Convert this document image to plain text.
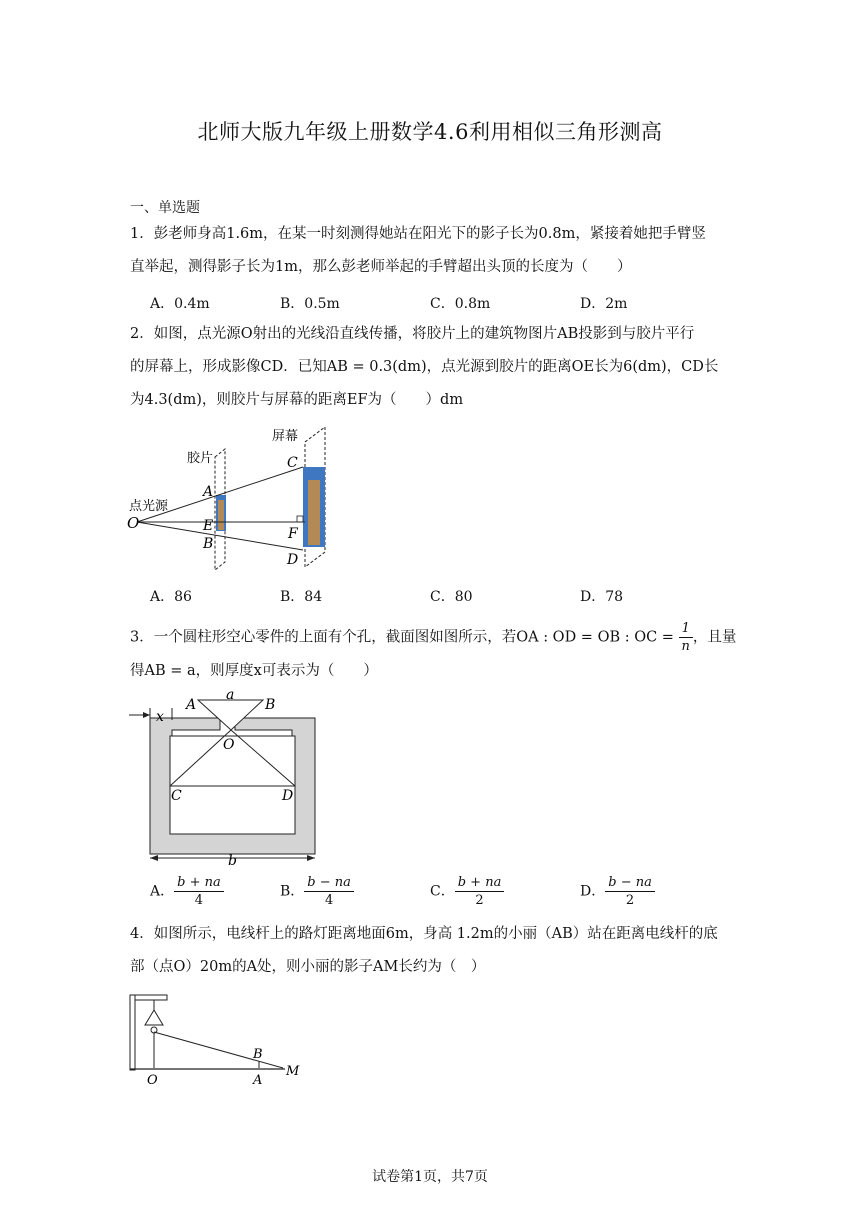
北师大版九年级上册数学4.6利用相似三角形测高
一、单选题
1．彭老师身高1.6m，在某一时刻测得她站在阳光下的影子长为0.8m，紧接着她把手臂竖
直举起，测得影子长为1m，那么彭老师举起的手臂超出头顶的长度为（　　）
A．0.4m	B．0.5m	C．0.8m	D．2m
2．如图，点光源O射出的光线沿直线传播，将胶片上的建筑物图片AB投影到与胶片平行
的屏幕上，形成影像CD．已知AB = 0.3(dm)，点光源到胶片的距离OE长为6(dm)，CD长
为4.3(dm)，则胶片与屏幕的距离EF为（　　）dm
屏幕
胶片
点光源
O
A
E
B
C
F
D
A．86	B．84	C．80	D．78
3．一个圆柱形空心零件的上面有个孔，截面图如图所示，若OA : OD = OB : OC = $\frac{1}{n}$ ，且量
得AB = a，则厚度x可表示为（　　）
x
a
A	B
O
C	D
b
A． $\frac{b + na}{4}$	B． $\frac{b - na}{4}$	C． $\frac{b + na}{2}$	D． $\frac{b - na}{2}$
4．如图所示，电线杆上的路灯距离地面6m，身高 1.2m的小丽（AB）站在距离电线杆的底
部（点O）20m的A处，则小丽的影子AM长约为（　）
B
O	A
M
试卷第1页，共7页
